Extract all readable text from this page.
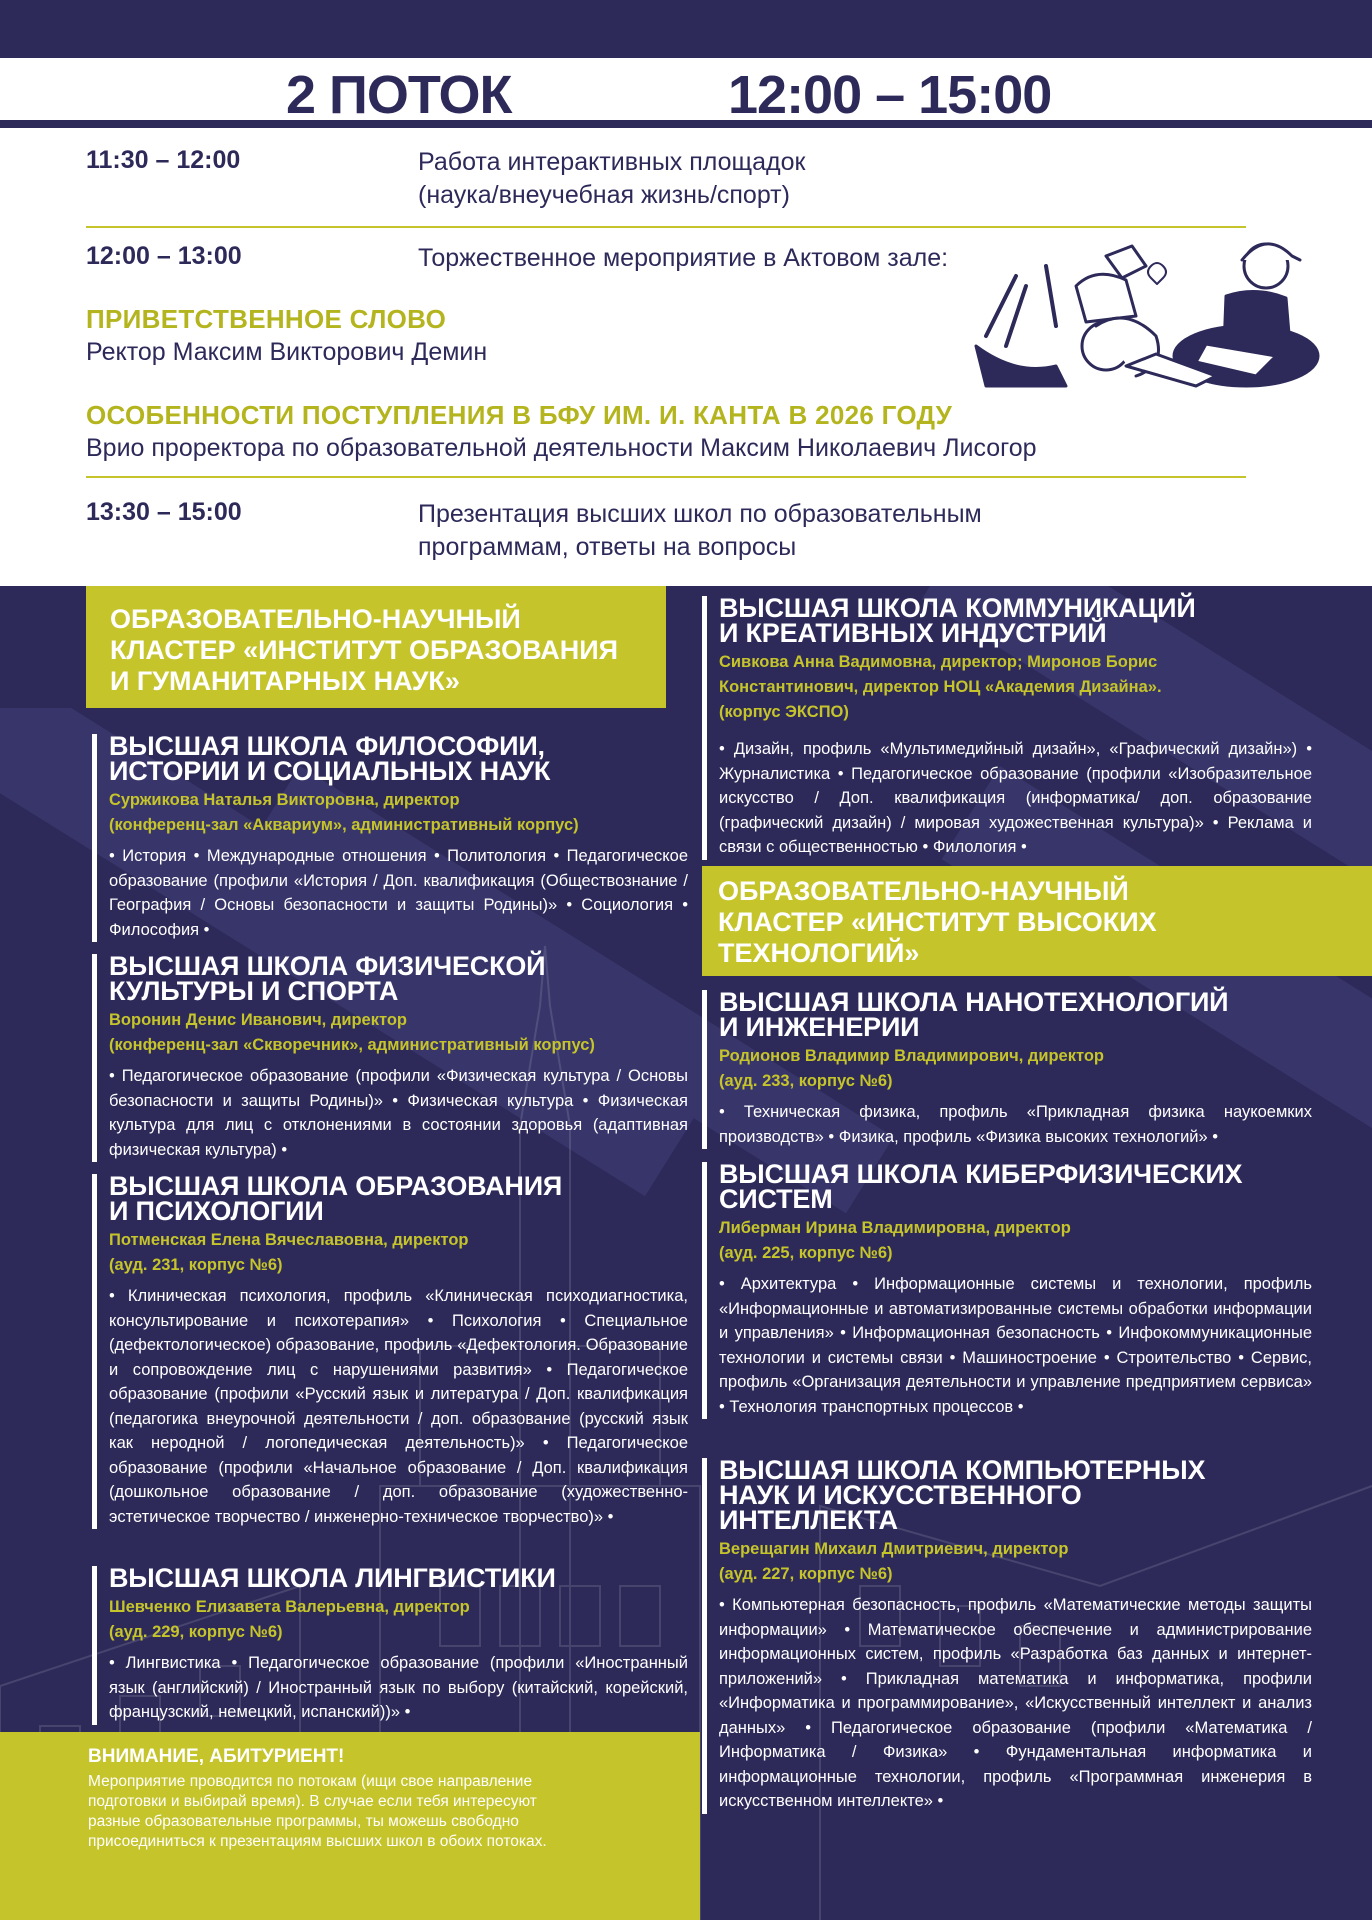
2 ПОТОК	12:00 – 15:00
11:30 – 12:00	Работа интерактивных площадок
(наука/внеучебная жизнь/спорт)
12:00 – 13:00	Торжественное мероприятие в Актовом зале:
ПРИВЕТСТВЕННОЕ СЛОВО
Ректор Максим Викторович Демин
ОСОБЕННОСТИ ПОСТУПЛЕНИЯ В БФУ ИМ. И. КАНТА В 2026 ГОДУ
Врио проректора по образовательной деятельности Максим Николаевич Лисогор
13:30 – 15:00	Презентация высших школ по образовательным
программам, ответы на вопросы
ОБРАЗОВАТЕЛЬНО-НАУЧНЫЙ
КЛАСТЕР «ИНСТИТУТ ОБРАЗОВАНИЯ
И ГУМАНИТАРНЫХ НАУК»
ВЫСШАЯ ШКОЛА ФИЛОСОФИИ,
ИСТОРИИ И СОЦИАЛЬНЫХ НАУК
Суржикова Наталья Викторовна, директор
(конференц-зал «Аквариум», административный корпус)
• История • Международные отношения • Политология • Педагогическое образование (профили «История / Доп. квалификация (Обществознание / География / Основы безопасности и защиты Родины)» • Социология • Философия •
ВЫСШАЯ ШКОЛА ФИЗИЧЕСКОЙ
КУЛЬТУРЫ И СПОРТА
Воронин Денис Иванович, директор
(конференц-зал «Скворечник», административный корпус)
• Педагогическое образование (профили «Физическая культура / Основы безопасности и защиты Родины)» • Физическая культура • Физическая культура для лиц с отклонениями в состоянии здоровья (адаптивная физическая культура) •
ВЫСШАЯ ШКОЛА ОБРАЗОВАНИЯ
И ПСИХОЛОГИИ
Потменская Елена Вячеславовна, директор
(ауд. 231, корпус №6)
• Клиническая психология, профиль «Клиническая психодиагностика, консультирование и психотерапия» • Психология • Специальное (дефектологическое) образование, профиль «Дефектология. Образование и сопровождение лиц с нарушениями развития» • Педагогическое образование (профили «Русский язык и литература / Доп. квалификация (педагогика внеурочной деятельности / доп. образование (русский язык как неродной / логопедическая деятельность)» • Педагогическое образование (профили «Начальное образование / Доп. квалификация (дошкольное образование / доп. образование (художественно-эстетическое творчество / инженерно-техническое творчество)» •
ВЫСШАЯ ШКОЛА ЛИНГВИСТИКИ
Шевченко Елизавета Валерьевна, директор
(ауд. 229, корпус №6)
• Лингвистика • Педагогическое образование (профили «Иностранный язык (английский) / Иностранный язык по выбору (китайский, корейский, французский, немецкий, испанский))» •
ВЫСШАЯ ШКОЛА КОММУНИКАЦИЙ
И КРЕАТИВНЫХ ИНДУСТРИЙ
Сивкова Анна Вадимовна, директор; Миронов Борис
Константинович, директор НОЦ «Академия Дизайна».
(корпус ЭКСПО)
• Дизайн, профиль «Мультимедийный дизайн», «Графический дизайн») • Журналистика • Педагогическое образование (профили «Изобразительное искусство / Доп. квалификация (информатика/ доп. образование (графический дизайн) / мировая художественная культура)» • Реклама и связи с общественностью • Филология •
ОБРАЗОВАТЕЛЬНО-НАУЧНЫЙ
КЛАСТЕР «ИНСТИТУТ ВЫСОКИХ
ТЕХНОЛОГИЙ»
ВЫСШАЯ ШКОЛА НАНОТЕХНОЛОГИЙ
И ИНЖЕНЕРИИ
Родионов Владимир Владимирович, директор
(ауд. 233, корпус №6)
• Техническая физика, профиль «Прикладная физика наукоемких производств» • Физика, профиль «Физика высоких технологий» •
ВЫСШАЯ ШКОЛА КИБЕРФИЗИЧЕСКИХ
СИСТЕМ
Либерман Ирина Владимировна, директор
(ауд. 225, корпус №6)
• Архитектура • Информационные системы и технологии, профиль «Информационные и автоматизированные системы обработки информации и управления» • Информационная безопасность • Инфокоммуникационные технологии и системы связи • Машиностроение • Строительство • Сервис, профиль «Организация деятельности и управление предприятием сервиса» • Технология транспортных процессов •
ВЫСШАЯ ШКОЛА КОМПЬЮТЕРНЫХ
НАУК И ИСКУССТВЕННОГО
ИНТЕЛЛЕКТА
Верещагин Михаил Дмитриевич, директор
(ауд. 227, корпус №6)
• Компьютерная безопасность, профиль «Математические методы защиты информации» • Математическое обеспечение и администрирование информационных систем, профиль «Разработка баз данных и интернет-приложений» • Прикладная математика и информатика, профили «Информатика и программирование», «Искусственный интеллект и анализ данных» • Педагогическое образование (профили «Математика / Информатика / Физика» • Фундаментальная информатика и информационные технологии, профиль «Программная инженерия в искусственном интеллекте» •
ВНИМАНИЕ, АБИТУРИЕНТ!
Мероприятие проводится по потокам (ищи свое направление
подготовки и выбирай время). В случае если тебя интересуют
разные образовательные программы, ты можешь свободно
присоединиться к презентациям высших школ в обоих потоках.
